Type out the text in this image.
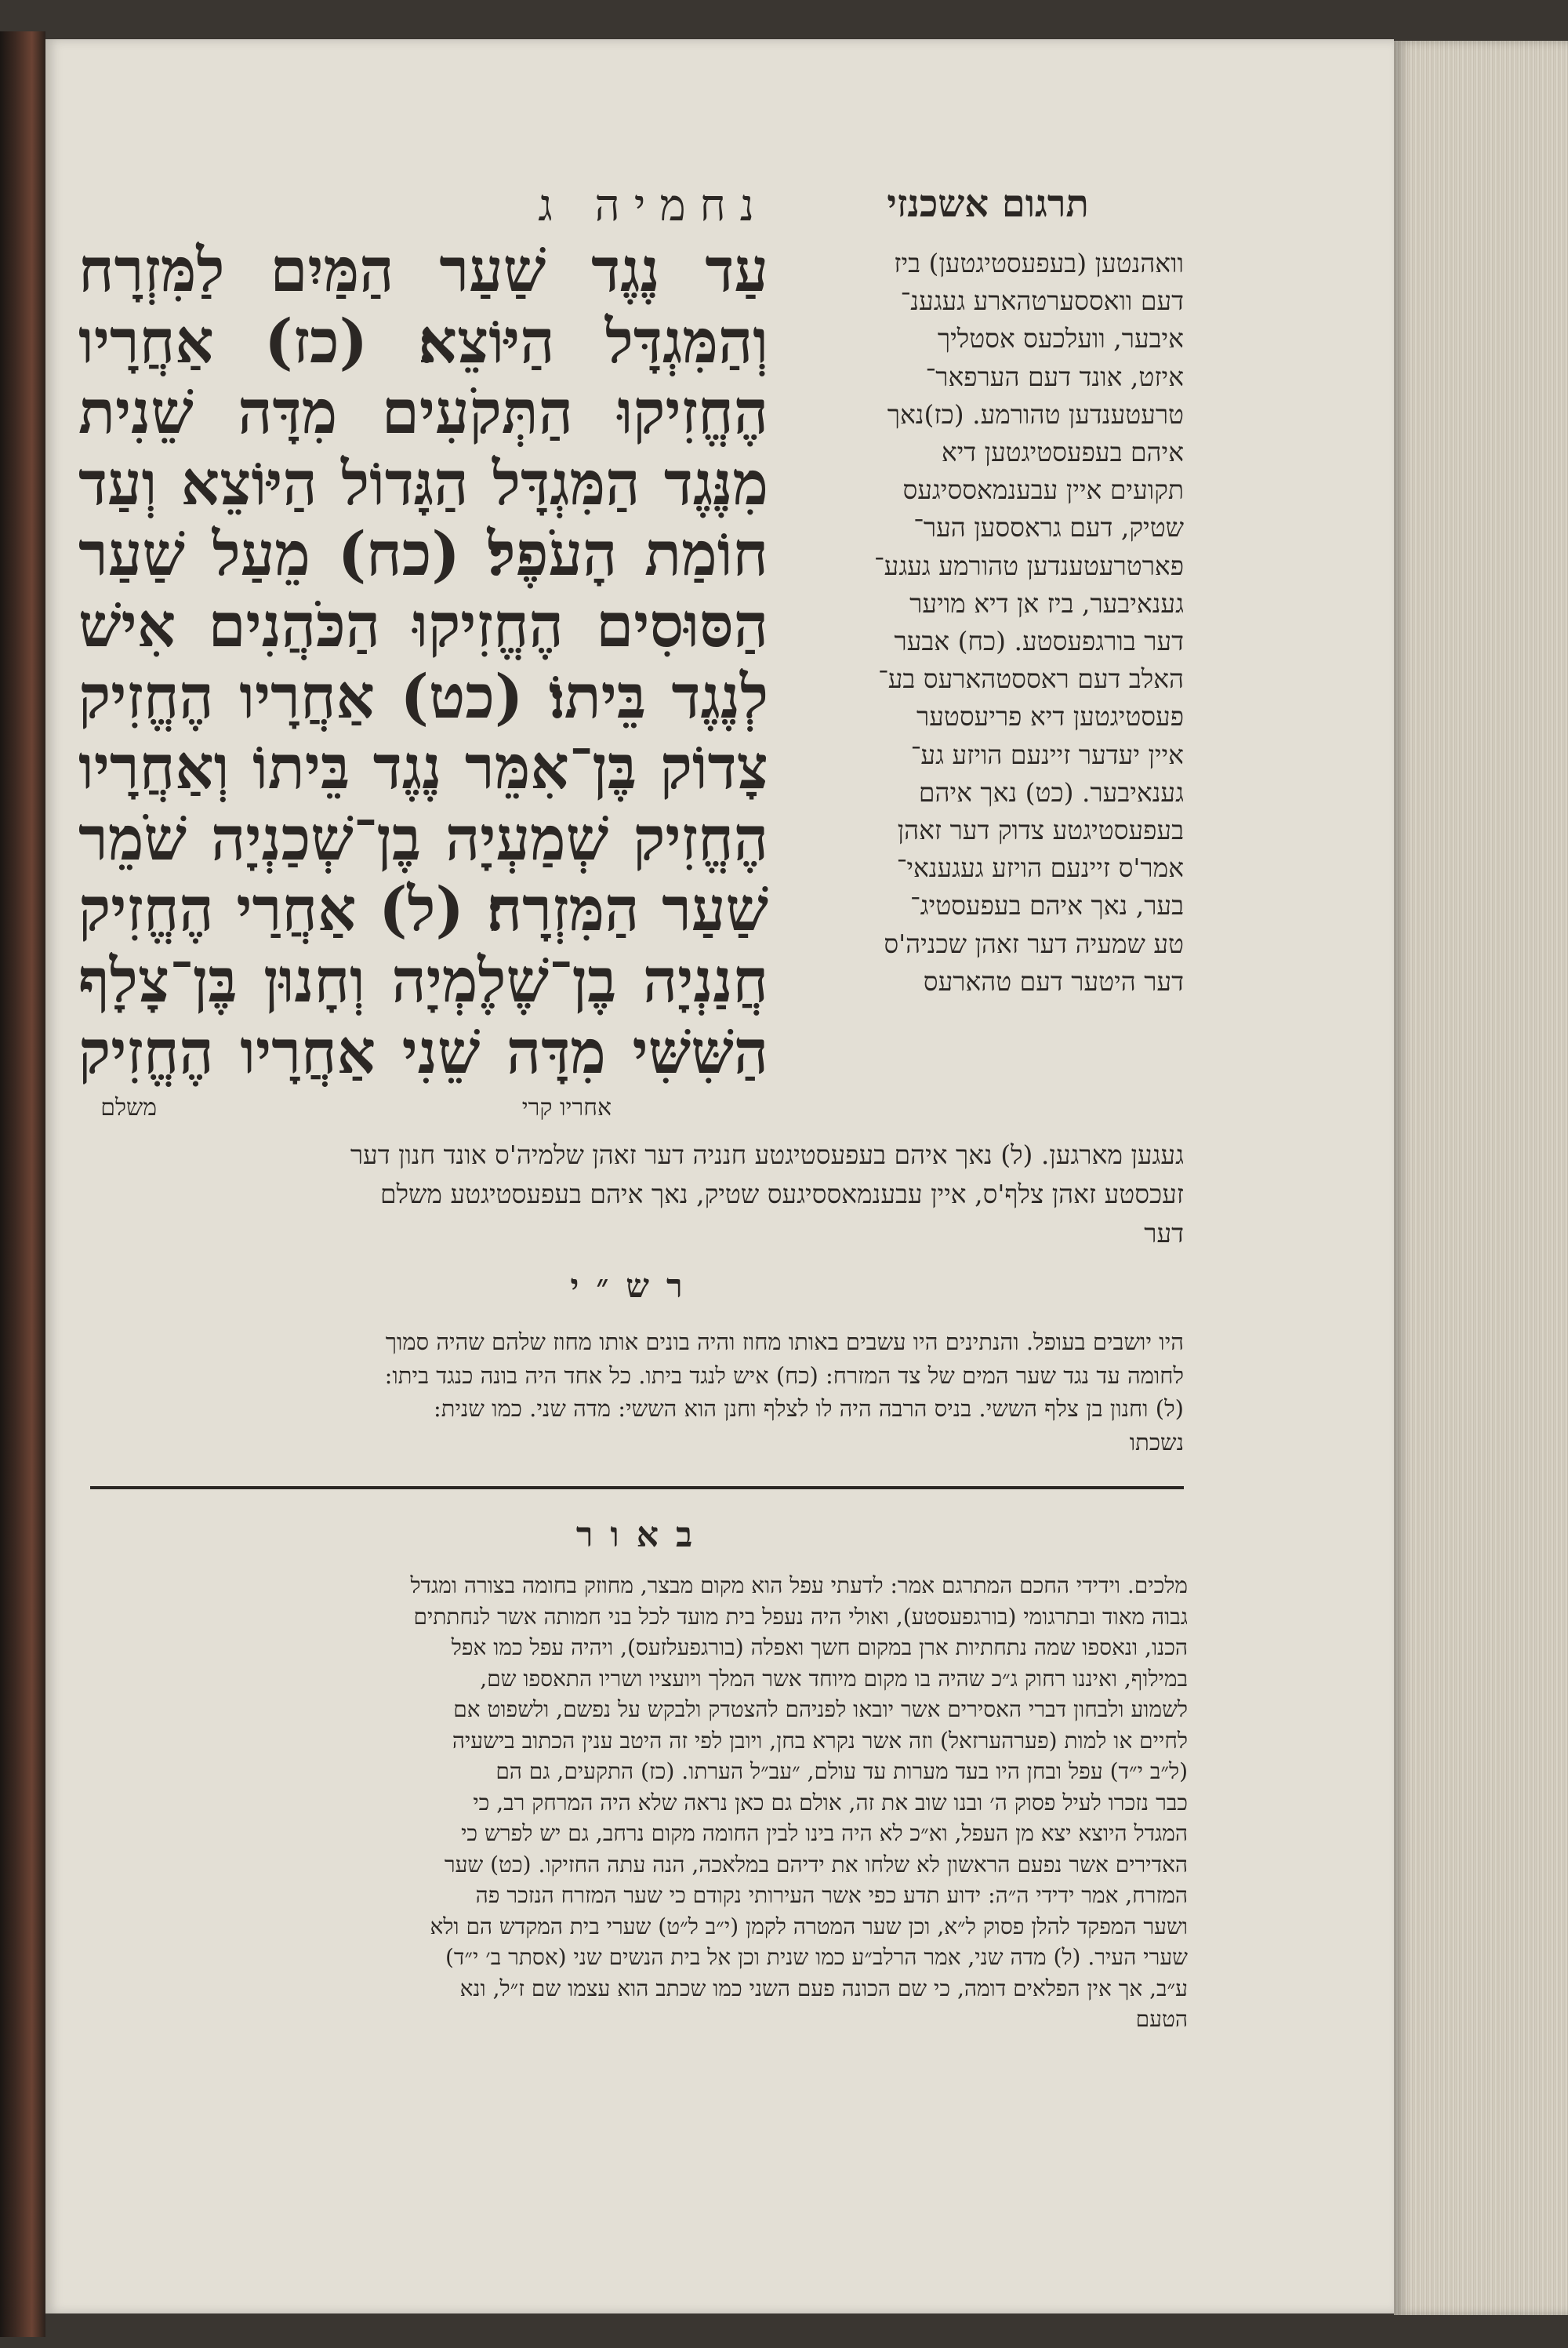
נחמיה ג	תרגום אשכנזי
עַד נֶגֶד שַׁעַר הַמַּיִם לַמִּזְרָח
וְהַמִּגְדָּל הַיּוֹצֵא׃ (כז) אַחֲרָיו
הֶחֱזִיקוּ הַתְּקֹעִים מִדָּה שֵׁנִית
מִנֶּגֶד הַמִּגְדָּל הַגָּדוֹל הַיּוֹצֵא וְעַד
חוֹמַת הָעֹפֶל׃ (כח) מֵעַל שַׁעַר
הַסּוּסִים הֶחֱזִיקוּ הַכֹּהֲנִים אִישׁ
לְנֶגֶד בֵּיתוֹ׃ (כט) אַחֲרָיו הֶחֱזִיק
צָדוֹק בֶּן־אִמֵּר נֶגֶד בֵּיתוֹ וְאַחֲרָיו
הֶחֱזִיק שְׁמַעְיָה בֶן־שְׁכַנְיָה שֹׁמֵר
שַׁעַר הַמִּזְרָח׃ (ל) אַחֲרַי הֶחֱזִיק
חֲנַנְיָה בֶן־שֶׁלֶמְיָה וְחָנוּן בֶּן־צָלָף
הַשִּׁשִּׁי מִדָּה שֵׁנִי אַחֲרָיו הֶחֱזִיק
אחריו קרי
משלם
וואהנטען (בעפעסטיגטען) ביז
דעם וואססערטהארע געגענ־
איבער, וועלכעס אסטליך
איזט, אונד דעם הערפאר־
טרעטענדען טהורמע. (כז)נאך
איהם בעפעסטיגטען דיא
תקועים איין עבענמאססיגעס
שטיק, דעם גראססען הער־
פארטרעטענדען טהורמע געגע־
גענאיבער, ביז אן דיא מויער
דער בורגפעסטע. (כח) אבער
האלב דעם ראססטהארעס בע־
פעסטיגטען דיא פריעסטער
איין יעדער זיינעם הויזע גע־
גענאיבער. (כט) נאך איהם
בעפעסטיגטע צדוק דער זאהן
אמר'ס זיינעם הויזע געגענאי־
בער, נאך איהם בעפעסטיג־
טע שמעיה דער זאהן שכניה'ס
דער היטער דעם טהארעס
געגען מארגען. (ל) נאך איהם בעפעסטיגטע חנניה דער זאהן שלמיה'ס אונד חנון דער
זעכסטע זאהן צלף'ס, איין עבענמאססיגעס שטיק, נאך איהם בעפעסטיגטע משלם
דער
רש״י
היו יושבים בעופל. והנתינים היו עשבים באותו מחוז והיה בונים אותו מחוז שלהם שהיה סמוך
לחומה עד נגד שער המים של צד המזרח: (כח) איש לנגד ביתו. כל אחד היה בונה כנגד ביתו:
(ל) וחנון בן צלף הששי. בניס הרבה היה לו לצלף וחנן הוא הששי: מדה שני. כמו שנית:
נשכתו
באור
מלכים. וידידי החכם המתרגם אמר: לדעתי עפל הוא מקום מבצר, מחוזק בחומה בצורה ומגדל
גבוה מאוד ובתרגומי (בורגפעסטע), ואולי היה נעפל בית מועד לכל בני חמותה אשר לנחתתים
הכנו, ונאספו שמה נתחתיות ארן במקום חשך ואפלה (בורגפעלזעס), ויהיה עפל כמו אפל
במילוף, ואיננו רחוק ג״כ שהיה בו מקום מיוחד אשר המלך ויועציו ושריו התאספו שם,
לשמוע ולבחון דברי האסירים אשר יובאו לפניהם להצטדק ולבקש על נפשם, ולשפוט אם
לחיים או למות (פערהערזאל) וזה אשר נקרא בחן, ויובן לפי זה היטב ענין הכתוב בישעיה
(ל״ב י״ד) עפל ובחן היו בעד מערות עד עולם, ״עב״ל הערתו. (כז) התקעים, גם הם
כבר נזכרו לעיל פסוק ה׳ ובנו שוב את זה, אולם גם כאן נראה שלא היה המרחק רב, כי
המגדל היוצא יצא מן העפל, וא״כ לא היה בינו לבין החומה מקום נרחב, גם יש לפרש כי
האדירים אשר נפעם הראשון לא שלחו את ידיהם במלאכה, הנה עתה החזיקו. (כט) שער
המזרח, אמר ידידי ה״ה: ידוע תדע כפי אשר העירותי נקודם כי שער המזרח הנזכר פה
ושער המפקד להלן פסוק ל״א, וכן שער המטרה לקמן (י״ב ל״ט) שערי בית המקדש הם ולא
שערי העיר. (ל) מדה שני, אמר הרלב״ע כמו שנית וכן אל בית הנשים שני (אסתר ב׳ י״ד)
ע״ב, אך אין הפלאים דומה, כי שם הכונה פעם השני כמו שכתב הוא עצמו שם ז״ל, ונא
הטעם
